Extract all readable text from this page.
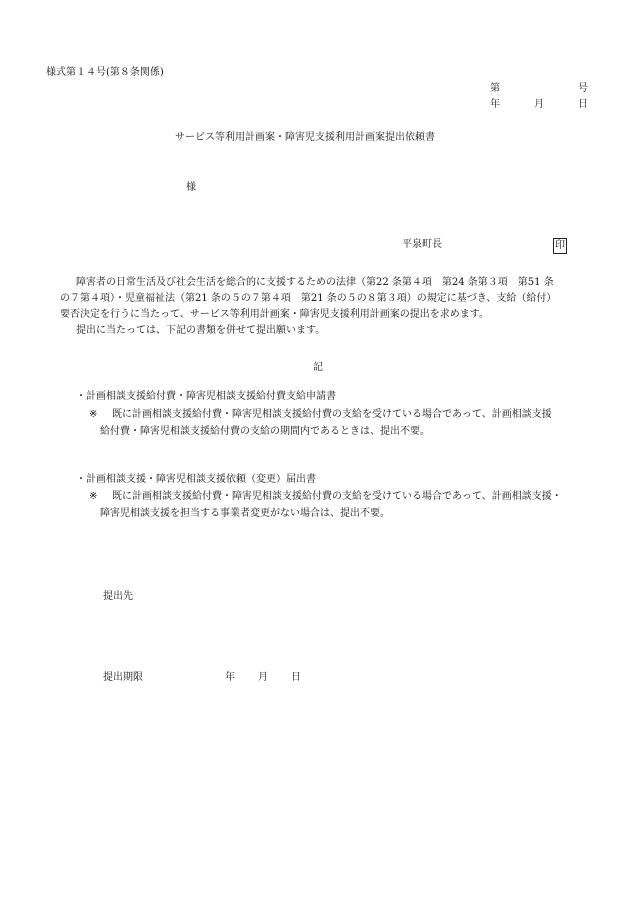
様式第１４号(第８条関係)
第	号
年	月	日
サービス等利用計画案・障害児支援利用計画案提出依頼書
様
平泉町長	印
障害者の日常生活及び社会生活を総合的に支援するための法律（第22 条第４項　第24 条第３項　第51 条
の７第４項）・児童福祉法（第21 条の５の７第４項　第21 条の５の８第３項）の規定に基づき、支給（給付）
要否決定を行うに当たって、サービス等利用計画案・障害児支援利用計画案の提出を求めます。
提出に当たっては、下記の書類を併せて提出願います。
記
・計画相談支援給付費・障害児相談支援給付費支給申請書
※ 既に計画相談支援給付費・障害児相談支援給付費の支給を受けている場合であって、計画相談支援
給付費・障害児相談支援給付費の支給の期間内であるときは、提出不要。
・計画相談支援・障害児相談支援依頼（変更）届出書
※ 既に計画相談支援給付費・障害児相談支援給付費の支給を受けている場合であって、計画相談支援・
障害児相談支援を担当する事業者変更がない場合は、提出不要。
提出先
提出期限	年 月 日
